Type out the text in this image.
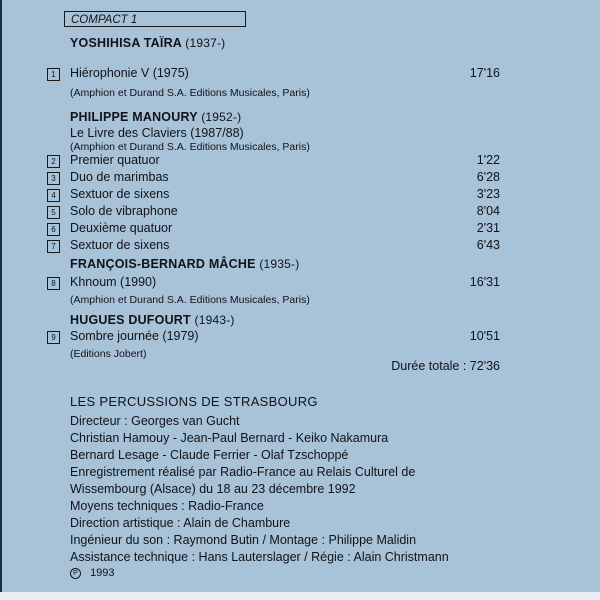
COMPACT 1
YOSHIHISA TAÏRA (1937-)
1	Hiérophonie V (1975)	17'16
(Amphion et Durand S.A. Editions Musicales, Paris)
PHILIPPE MANOURY (1952-)
Le Livre des Claviers (1987/88)
(Amphion et Durand S.A. Editions Musicales, Paris)
2	Premier quatuor	1'22
3	Duo de marimbas	6'28
4	Sextuor de sixens	3'23
5	Solo de vibraphone	8'04
6	Deuxième quatuor	2'31
7	Sextuor de sixens	6'43
FRANÇOIS-BERNARD MÂCHE (1935-)
8	Khnoum (1990)	16'31
(Amphion et Durand S.A. Editions Musicales, Paris)
HUGUES DUFOURT (1943-)
9	Sombre journée (1979)	10'51
(Editions Jobert)
Durée totale : 72'36
LES PERCUSSIONS DE STRASBOURG
Directeur : Georges van Gucht
Christian Hamouy - Jean-Paul Bernard - Keiko Nakamura
Bernard Lesage - Claude Ferrier - Olaf Tzschoppé
Enregistrement réalisé par Radio-France au Relais Culturel de
Wissembourg (Alsace) du 18 au 23 décembre 1992
Moyens techniques : Radio-France
Direction artistique : Alain de Chambure
Ingénieur du son : Raymond Butin / Montage : Philippe Malidin
Assistance technique : Hans Lauterslager / Régie : Alain Christmann
P 1993
